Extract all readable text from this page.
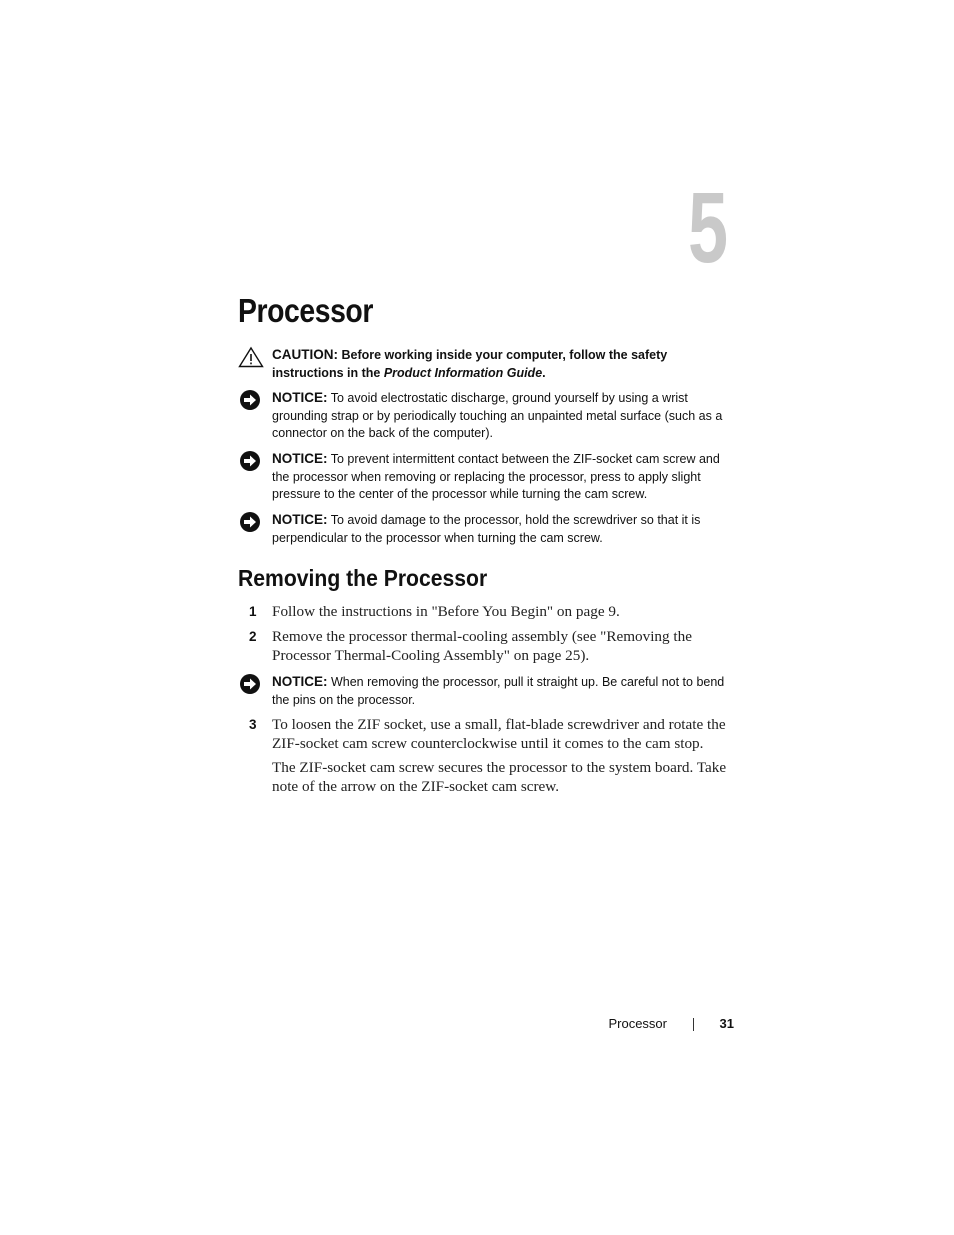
5
Processor
CAUTION: Before working inside your computer, follow the safety instructions in the Product Information Guide.
NOTICE: To avoid electrostatic discharge, ground yourself by using a wrist grounding strap or by periodically touching an unpainted metal surface (such as a connector on the back of the computer).
NOTICE: To prevent intermittent contact between the ZIF-socket cam screw and the processor when removing or replacing the processor, press to apply slight pressure to the center of the processor while turning the cam screw.
NOTICE: To avoid damage to the processor, hold the screwdriver so that it is perpendicular to the processor when turning the cam screw.
Removing the Processor
1 Follow the instructions in "Before You Begin" on page 9.
2 Remove the processor thermal-cooling assembly (see "Removing the Processor Thermal-Cooling Assembly" on page 25).
NOTICE: When removing the processor, pull it straight up. Be careful not to bend the pins on the processor.
3 To loosen the ZIF socket, use a small, flat-blade screwdriver and rotate the ZIF-socket cam screw counterclockwise until it comes to the cam stop.
The ZIF-socket cam screw secures the processor to the system board. Take note of the arrow on the ZIF-socket cam screw.
Processor	31
